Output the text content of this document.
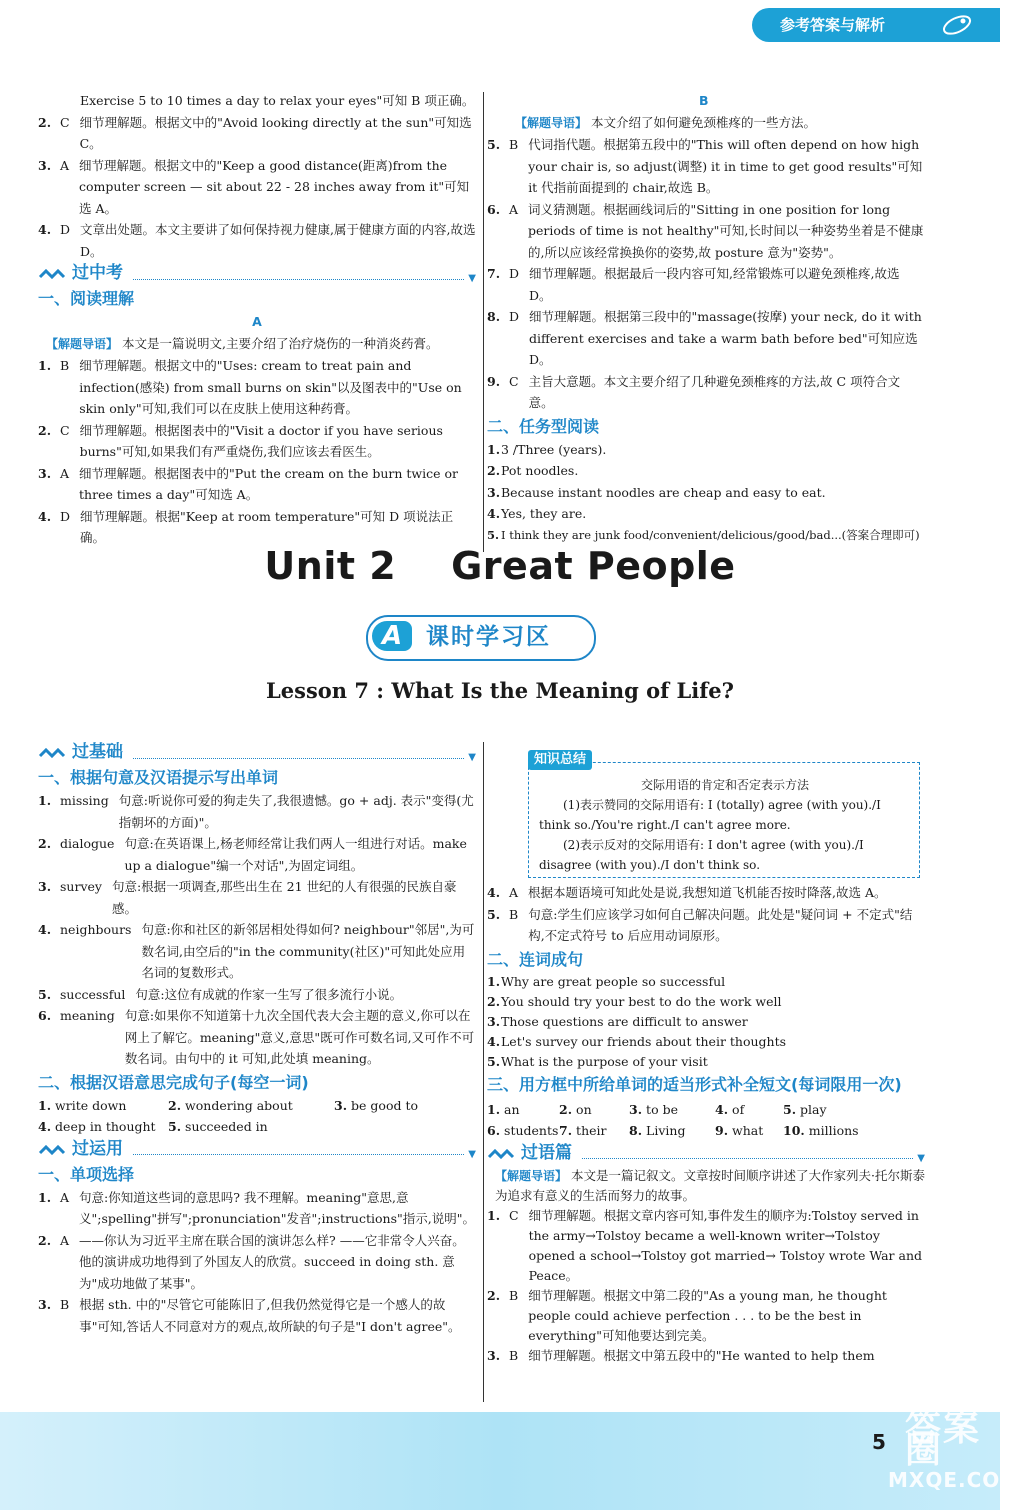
参考答案与解析
Exercise 5 to 10 times a day to relax your eyes"可知 B 项正确。
2. C 细节理解题。根据文中的"Avoid looking directly at the sun"可知选 C。
3. A 细节理解题。根据文中的"Keep a good distance(距离)from the computer screen — sit about 22 - 28 inches away from it"可知选 A。
4. D 文章出处题。本文主要讲了如何保持视力健康,属于健康方面的内容,故选 D。
过中考	▼
一、阅读理解
A
【解题导语】 本文是一篇说明文,主要介绍了治疗烧伤的一种消炎药膏。
1. B 细节理解题。根据文中的"Uses: cream to treat pain and infection(感染) from small burns on skin"以及图表中的"Use on skin only"可知,我们可以在皮肤上使用这种药膏。
2. C 细节理解题。根据图表中的"Visit a doctor if you have serious burns"可知,如果我们有严重烧伤,我们应该去看医生。
3. A 细节理解题。根据图表中的"Put the cream on the burn twice or three times a day"可知选 A。
4. D 细节理解题。根据"Keep at room temperature"可知 D 项说法正确。
B
【解题导语】 本文介绍了如何避免颈椎疼的一些方法。
5. B 代词指代题。根据第五段中的"This will often depend on how high your chair is, so adjust(调整) it in time to get good results"可知 it 代指前面提到的 chair,故选 B。
6. A 词义猜测题。根据画线词后的"Sitting in one position for long periods of time is not healthy"可知,长时间以一种姿势坐着是不健康的,所以应该经常换换你的姿势,故 posture 意为"姿势"。
7. D 细节理解题。根据最后一段内容可知,经常锻炼可以避免颈椎疼,故选 D。
8. D 细节理解题。根据第三段中的"massage(按摩) your neck, do it with different exercises and take a warm bath before bed"可知应选 D。
9. C 主旨大意题。本文主要介绍了几种避免颈椎疼的方法,故 C 项符合文意。
二、任务型阅读
1. 3 /Three (years).
2. Pot noodles.
3. Because instant noodles are cheap and easy to eat.
4. Yes, they are.
5. I think they are junk food/convenient/delicious/good/bad...(答案合理即可)
Unit 2    Great People
A	课时学习区
Lesson 7 : What Is the Meaning of Life?
过基础	▼
一、根据句意及汉语提示写出单词
1. missing 句意:听说你可爱的狗走失了,我很遗憾。go + adj. 表示"变得(尤指朝坏的方面)"。
2. dialogue 句意:在英语课上,杨老师经常让我们两人一组进行对话。make up a dialogue"编一个对话",为固定词组。
3. survey 句意:根据一项调查,那些出生在 21 世纪的人有很强的民族自豪感。
4. neighbours 句意:你和社区的新邻居相处得如何? neighbour"邻居",为可数名词,由空后的"in the community(社区)"可知此处应用名词的复数形式。
5. successful 句意:这位有成就的作家一生写了很多流行小说。
6. meaning 句意:如果你不知道第十九次全国代表大会主题的意义,你可以在网上了解它。meaning"意义,意思"既可作可数名词,又可作不可数名词。由句中的 it 可知,此处填 meaning。
二、根据汉语意思完成句子(每空一词)
1. write down	2. wondering about	3. be good to
4. deep in thought 5. succeeded in
过运用	▼
一、单项选择
1. A 句意:你知道这些词的意思吗? 我不理解。meaning"意思,意义";spelling"拼写";pronunciation"发音";instructions"指示,说明"。
2. A ——你认为习近平主席在联合国的演讲怎么样? ——它非常令人兴奋。他的演讲成功地得到了外国友人的欣赏。succeed in doing sth. 意为"成功地做了某事"。
3. B 根据 sth. 中的"尽管它可能陈旧了,但我仍然觉得它是一个感人的故事"可知,答话人不同意对方的观点,故所缺的句子是"I don't agree"。
交际用语的肯定和否定表示方法
(1)表示赞同的交际用语有: I (totally) agree (with you)./I think so./You're right./I can't agree more.
(2)表示反对的交际用语有: I don't agree (with you)./I disagree (with you)./I don't think so.
知识总结
4. A 根据本题语境可知此处是说,我想知道飞机能否按时降落,故选 A。
5. B 句意:学生们应该学习如何自己解决问题。此处是"疑问词 + 不定式"结构,不定式符号 to 后应用动词原形。
二、连词成句
1. Why are great people so successful
2. You should try your best to do the work well
3. Those questions are difficult to answer
4. Let's survey our friends about their thoughts
5. What is the purpose of your visit
三、用方框中所给单词的适当形式补全短文(每词限用一次)
1. an	2. on	3. to be	4. of	5. play
6. students 7. their	8. Living	9. what	10. millions
过语篇	▼
【解题导语】 本文是一篇记叙文。文章按时间顺序讲述了大作家列夫·托尔斯泰为追求有意义的生活而努力的故事。
1. C 细节理解题。根据文章内容可知,事件发生的顺序为:Tolstoy served in the army→Tolstoy became a well-known writer→Tolstoy opened a school→Tolstoy got married→ Tolstoy wrote War and Peace。
2. B 细节理解题。根据文中第二段的"As a young man, he thought people could achieve perfection . . . to be the best in everything"可知他要达到完美。
3. B 细节理解题。根据文中第五段中的"He wanted to help them
5 答案圈
MXQE.COM
